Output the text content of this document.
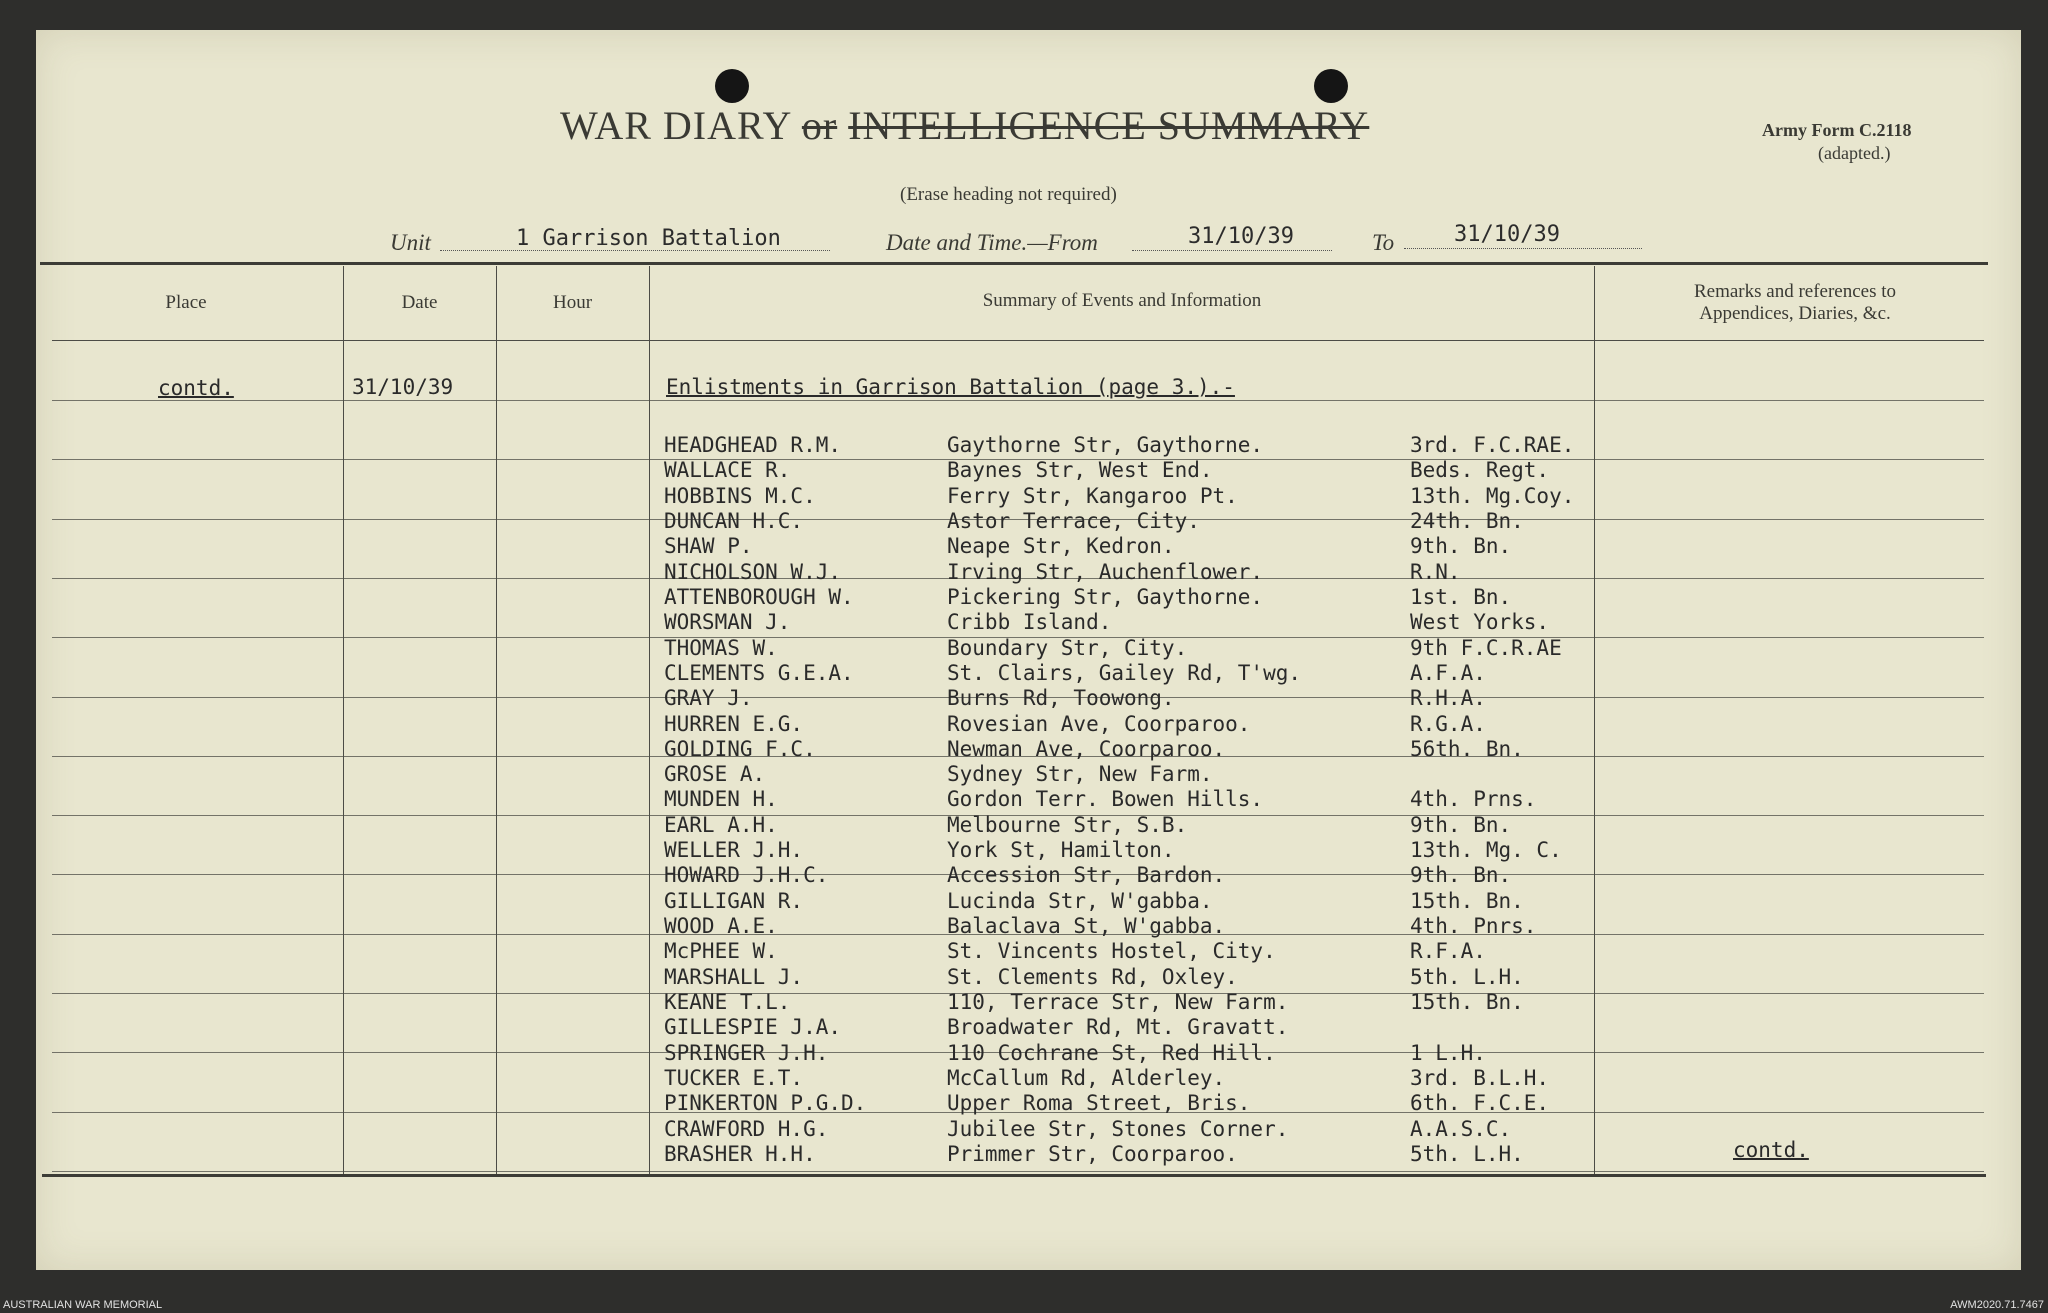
WAR DIARY or INTELLIGENCE SUMMARY
(Erase heading not required)
Army Form C.2118
(adapted.)
Unit	1 Garrison Battalion	Date and Time.—From	31/10/39	To	31/10/39
Place	Date	Hour	Summary of Events and Information	Remarks and references to
Appendices, Diaries, &c.
contd.	31/10/39	Enlistments in Garrison Battalion (page 3.).-
contd.
HEADGHEAD R.M.	Gaythorne Str, Gaythorne.	3rd. F.C.RAE.
WALLACE R.	Baynes Str, West End.	Beds. Regt.
HOBBINS M.C.	Ferry Str, Kangaroo Pt.	13th. Mg.Coy.
DUNCAN H.C.	Astor Terrace, City.	24th. Bn.
SHAW P.	Neape Str, Kedron.	9th. Bn.
NICHOLSON W.J.	Irving Str, Auchenflower.	R.N.
ATTENBOROUGH W.	Pickering Str, Gaythorne.	1st. Bn.
WORSMAN J.	Cribb Island.	West Yorks.
THOMAS W.	Boundary Str, City.	9th F.C.R.AE
CLEMENTS G.E.A.	St. Clairs, Gailey Rd, T'wg.	A.F.A.
GRAY J.	Burns Rd, Toowong.	R.H.A.
HURREN E.G.	Rovesian Ave, Coorparoo.	R.G.A.
GOLDING F.C.	Newman Ave, Coorparoo.	56th. Bn.
GROSE A.	Sydney Str, New Farm.
MUNDEN H.	Gordon Terr. Bowen Hills.	4th. Prns.
EARL A.H.	Melbourne Str, S.B.	9th. Bn.
WELLER J.H.	York St, Hamilton.	13th. Mg. C.
HOWARD J.H.C.	Accession Str, Bardon.	9th. Bn.
GILLIGAN R.	Lucinda Str, W'gabba.	15th. Bn.
WOOD A.E.	Balaclava St, W'gabba.	4th. Pnrs.
McPHEE W.	St. Vincents Hostel, City.	R.F.A.
MARSHALL J.	St. Clements Rd, Oxley.	5th. L.H.
KEANE T.L.	110, Terrace Str, New Farm.	15th. Bn.
GILLESPIE J.A.	Broadwater Rd, Mt. Gravatt.
SPRINGER J.H.	110 Cochrane St, Red Hill.	1 L.H.
TUCKER E.T.	McCallum Rd, Alderley.	3rd. B.L.H.
PINKERTON P.G.D.	Upper Roma Street, Bris.	6th. F.C.E.
CRAWFORD H.G.	Jubilee Str, Stones Corner.	A.A.S.C.
BRASHER H.H.	Primmer Str, Coorparoo.	5th. L.H.
AUSTRALIAN WAR MEMORIAL	AWM2020.71.7467
